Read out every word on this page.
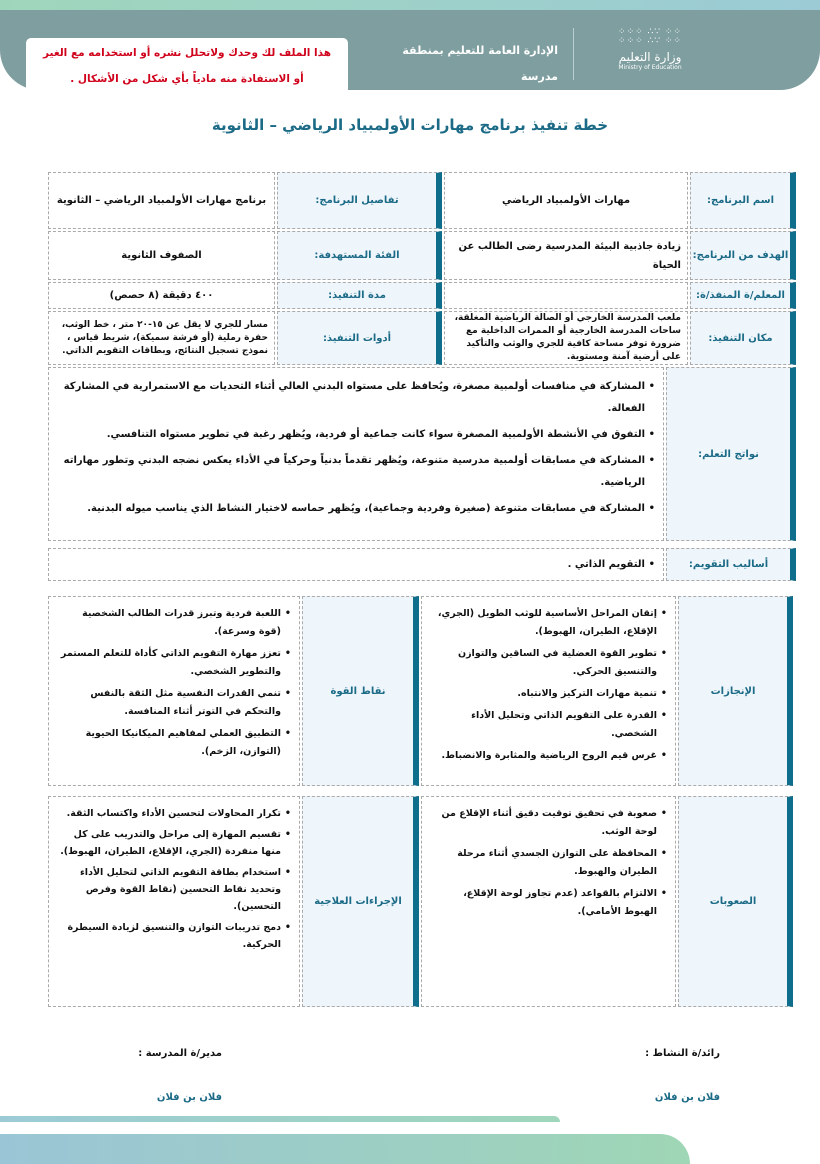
⁘⁘⁘ ∴∵ ⁘⁘
⁘⁘⁘ ∴∵ ⁘⁘
وزارة التعليم
Ministry of Education
الإدارة العامة للتعليم بمنطقة
مدرسة
هذا الملف لك وحدك ولاتحلل نشره أو استخدامه مع الغير
أو الاستفادة منه مادياً بأي شكل من الأشكال .
خطة تنفيذ برنامج مهارات الأولمبياد الرياضي – الثانوية
اسم البرنامج:
مهارات الأولمبياد الرياضي
تفاصيل البرنامج:
برنامج مهارات الأولمبياد الرياضي – الثانوية
الهدف من البرنامج:
زيادة جاذبية البيئة المدرسية رضى الطالب عن الحياة
الفئة المستهدفة:
الصفوف الثانوية
المعلم/ة المنفذ/ة:
مدة التنفيذ:
٤٠٠ دقيقة (٨ حصص)
مكان التنفيذ:
ملعب المدرسة الخارجي أو الصالة الرياضية المغلقة، ساحات المدرسة الخارجية أو الممرات الداخلية مع ضرورة توفر مساحة كافية للجري والوثب والتأكيد على أرضية آمنة ومستوية.
أدوات التنفيذ:
مسار للجري لا يقل عن ١٥-٢٠ متر ، خط الوثب، حفرة رملية (أو فرشة سميكة)، شريط قياس ، نموذج تسجيل النتائج، وبطاقات التقويم الذاتي.
نواتج التعلم:
• المشاركة في منافسات أولمبية مصغرة، ويُحافظ على مستواه البدني العالي أثناء التحديات مع الاستمرارية في المشاركة الفعالة.
• التفوق في الأنشطة الأولمبية المصغرة سواء كانت جماعية أو فردية، ويُظهر رغبة في تطوير مستواه التنافسي.
• المشاركة في مسابقات أولمبية مدرسية متنوعة، ويُظهر تقدماً بدنياً وحركياً في الأداء يعكس نضجه البدني وتطور مهاراته الرياضية.
• المشاركة في مسابقات متنوعة (صغيرة وفردية وجماعية)، ويُظهر حماسه لاختيار النشاط الذي يناسب ميوله البدنية.
أساليب التقويم:
• التقويم الذاتي .
الإنجازات
• إتقان المراحل الأساسية للوثب الطويل (الجري، الإقلاع، الطيران، الهبوط).
• تطوير القوة العضلية في الساقين والتوازن والتنسيق الحركي.
• تنمية مهارات التركيز والانتباه.
• القدرة على التقويم الذاتي وتحليل الأداء الشخصي.
• غرس قيم الروح الرياضية والمثابرة والانضباط.
نقاط القوة
• اللعبة فردية وتبرز قدرات الطالب الشخصية (قوة وسرعة).
• تعزز مهارة التقويم الذاتي كأداة للتعلم المستمر والتطوير الشخصي.
• تنمي القدرات النفسية مثل الثقة بالنفس والتحكم في التوتر أثناء المنافسة.
• التطبيق العملي لمفاهيم الميكانيكا الحيوية (التوازن، الزخم).
الصعوبات
• صعوبة في تحقيق توقيت دقيق أثناء الإقلاع من لوحة الوثب.
• المحافظة على التوازن الجسدي أثناء مرحلة الطيران والهبوط.
• الالتزام بالقواعد (عدم تجاوز لوحة الإقلاع، الهبوط الأمامي).
الإجراءات العلاجية
• تكرار المحاولات لتحسين الأداء واكتساب الثقة.
• تقسيم المهارة إلى مراحل والتدريب على كل منها منفردة (الجري، الإقلاع، الطيران، الهبوط).
• استخدام بطاقة التقويم الذاتي لتحليل الأداء وتحديد نقاط التحسين (نقاط القوة وفرص التحسين).
• دمج تدريبات التوازن والتنسيق لزيادة السيطرة الحركية.
رائد/ة النشاط :
فلان بن فلان
مدير/ة المدرسة :
فلان بن فلان
